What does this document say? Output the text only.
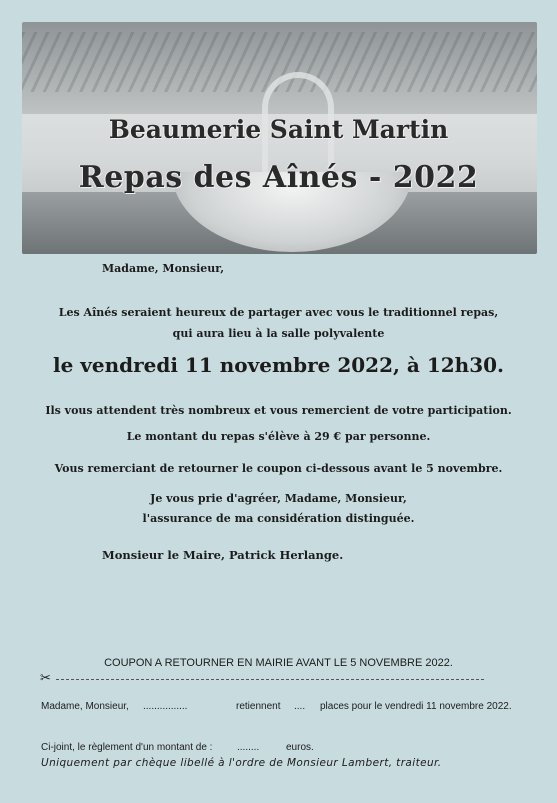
Beaumerie Saint Martin
Repas des Aînés - 2022
Madame, Monsieur,
Les Aînés seraient heureux de partager avec vous le traditionnel repas,
qui aura lieu à la salle polyvalente
le vendredi 11 novembre 2022, à 12h30.
Ils vous attendent très nombreux et vous remercient de votre participation.
Le montant du repas s'élève à 29 € par personne.
Vous remerciant de retourner le coupon ci-dessous avant le 5 novembre.
Je vous prie d'agréer, Madame, Monsieur,
l'assurance de ma considération distinguée.
Monsieur le Maire, Patrick Herlange.
COUPON A RETOURNER EN MAIRIE AVANT LE 5 NOVEMBRE 2022.
✂
Madame, Monsieur, ................	retiennent .... places pour le vendredi 11 novembre 2022.
Ci-joint, le règlement d'un montant de : ........	euros.
Uniquement par chèque libellé à l'ordre de Monsieur Lambert, traiteur.
